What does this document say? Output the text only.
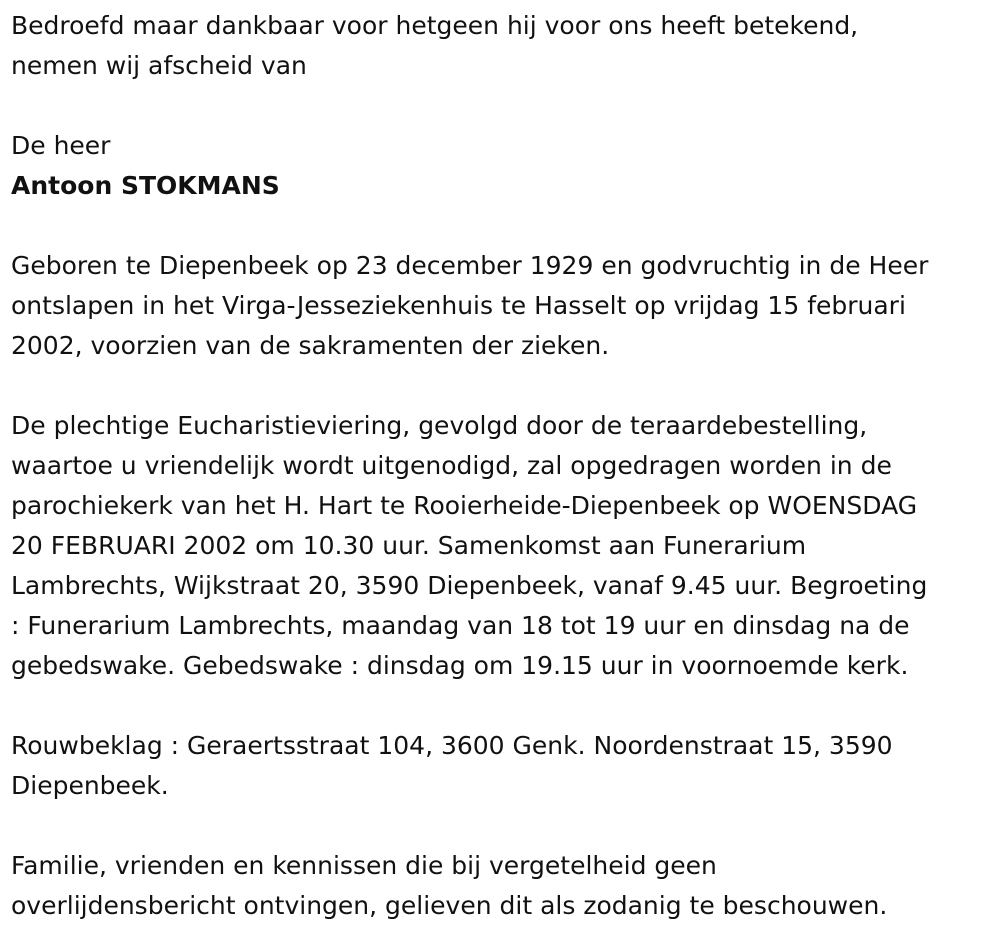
Bedroefd maar dankbaar voor hetgeen hij voor ons heeft betekend,
nemen wij afscheid van

De heer

Antoon STOKMANS

Geboren te Diepenbeek op 23 december 1929 en godvruchtig in de Heer
ontslapen in het Virga-Jesseziekenhuis te Hasselt op vrijdag 15 februari
2002, voorzien van de sakramenten der zieken.

De plechtige Eucharistieviering, gevolgd door de teraardebestelling,
waartoe u vriendelijk wordt uitgenodigd, zal opgedragen worden in de
parochiekerk van het H. Hart te Rooierheide-Diepenbeek op WOENSDAG
20 FEBRUARI 2002 om 10.30 uur. Samenkomst aan Funerarium
Lambrechts, Wijkstraat 20, 3590 Diepenbeek, vanaf 9.45 uur. Begroeting
: Funerarium Lambrechts, maandag van 18 tot 19 uur en dinsdag na de
gebedswake. Gebedswake : dinsdag om 19.15 uur in voornoemde kerk.

Rouwbeklag : Geraertsstraat 104, 3600 Genk. Noordenstraat 15, 3590
Diepenbeek.

Familie, vrienden en kennissen die bij vergetelheid geen
overlijdensbericht ontvingen, gelieven dit als zodanig te beschouwen.
